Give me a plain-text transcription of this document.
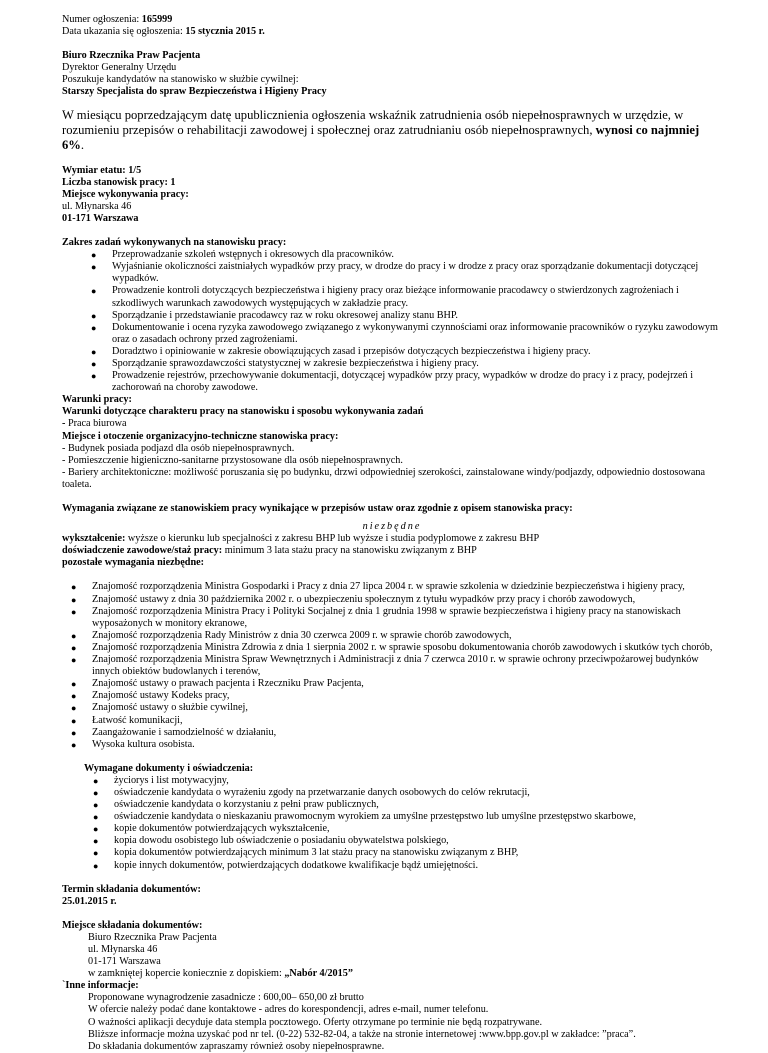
Numer ogłoszenia: 165999
Data ukazania się ogłoszenia: 15 stycznia 2015 r.
Biuro Rzecznika Praw Pacjenta
Dyrektor Generalny Urzędu
Poszukuje kandydatów na stanowisko w służbie cywilnej:
Starszy Specjalista do spraw Bezpieczeństwa i Higieny Pracy
W miesiącu poprzedzającym datę upublicznienia ogłoszenia wskaźnik zatrudnienia osób niepełnosprawnych w urzędzie, w rozumieniu przepisów o rehabilitacji zawodowej i społecznej oraz zatrudnianiu osób niepełnosprawnych, wynosi co najmniej 6%.
Wymiar etatu: 1/5
Liczba stanowisk pracy: 1
Miejsce wykonywania pracy:
ul. Młynarska 46
01-171 Warszawa
Zakres zadań wykonywanych na stanowisku pracy:
● Przeprowadzanie szkoleń wstępnych i okresowych dla pracowników.
● Wyjaśnianie okoliczności zaistniałych wypadków przy pracy, w drodze do pracy i w drodze z pracy oraz sporządzanie dokumentacji dotyczącej wypadków.
● Prowadzenie kontroli dotyczących bezpieczeństwa i higieny pracy oraz bieżące informowanie pracodawcy o stwierdzonych zagrożeniach i szkodliwych warunkach zawodowych występujących w zakładzie pracy.
● Sporządzanie i przedstawianie pracodawcy raz w roku okresowej analizy stanu BHP.
● Dokumentowanie i ocena ryzyka zawodowego związanego z wykonywanymi czynnościami oraz informowanie pracowników o ryzyku zawodowym oraz o zasadach ochrony przed zagrożeniami.
● Doradztwo i opiniowanie w zakresie obowiązujących zasad i przepisów dotyczących bezpieczeństwa i higieny pracy.
● Sporządzanie sprawozdawczości statystycznej w zakresie bezpieczeństwa i higieny pracy.
● Prowadzenie rejestrów, przechowywanie dokumentacji, dotyczącej wypadków przy pracy, wypadków w drodze do pracy i z pracy, podejrzeń i zachorowań na choroby zawodowe.
Warunki pracy:
Warunki dotyczące charakteru pracy na stanowisku i sposobu wykonywania zadań
- Praca biurowa
Miejsce i otoczenie organizacyjno-techniczne stanowiska pracy:
- Budynek posiada podjazd dla osób niepełnosprawnych.
- Pomieszczenie higieniczno-sanitarne przystosowane dla osób niepełnosprawnych.
- Bariery architektoniczne: możliwość poruszania się po budynku, drzwi odpowiedniej szerokości, zainstalowane windy/podjazdy, odpowiednio dostosowana toaleta.
Wymagania związane ze stanowiskiem pracy wynikające w przepisów ustaw oraz zgodnie z opisem stanowiska pracy:
niezbędne
wykształcenie: wyższe o kierunku lub specjalności z zakresu BHP lub wyższe i studia podyplomowe z zakresu BHP
doświadczenie zawodowe/staż pracy: minimum 3 lata stażu pracy na stanowisku związanym z BHP
pozostałe wymagania niezbędne:
● Znajomość rozporządzenia Ministra Gospodarki i Pracy z dnia 27 lipca 2004 r. w sprawie szkolenia w dziedzinie bezpieczeństwa i higieny pracy,
● Znajomość ustawy z dnia 30 października 2002 r. o ubezpieczeniu społecznym z tytułu wypadków przy pracy i chorób zawodowych,
● Znajomość rozporządzenia Ministra Pracy i Polityki Socjalnej z dnia 1 grudnia 1998 w sprawie bezpieczeństwa i higieny pracy na stanowiskach wyposażonych w monitory ekranowe,
● Znajomość rozporządzenia Rady Ministrów z dnia 30 czerwca 2009 r. w sprawie chorób zawodowych,
● Znajomość rozporządzenia Ministra Zdrowia z dnia 1 sierpnia 2002 r. w sprawie sposobu dokumentowania chorób zawodowych i skutków tych chorób,
● Znajomość rozporządzenia Ministra Spraw Wewnętrznych i Administracji z dnia 7 czerwca 2010 r. w sprawie ochrony przeciwpożarowej budynków innych obiektów budowlanych i terenów,
● Znajomość ustawy o prawach pacjenta i Rzeczniku Praw Pacjenta,
● Znajomość ustawy Kodeks pracy,
● Znajomość ustawy o służbie cywilnej,
● Łatwość komunikacji,
● Zaangażowanie i samodzielność w działaniu,
● Wysoka kultura osobista.
Wymagane dokumenty i oświadczenia:
● życiorys i list motywacyjny,
● oświadczenie kandydata o wyrażeniu zgody na przetwarzanie danych osobowych do celów rekrutacji,
● oświadczenie kandydata o korzystaniu z pełni praw publicznych,
● oświadczenie kandydata o nieskazaniu prawomocnym wyrokiem za umyślne przestępstwo lub umyślne przestępstwo skarbowe,
● kopie dokumentów potwierdzających wykształcenie,
● kopia dowodu osobistego lub oświadczenie o posiadaniu obywatelstwa polskiego,
● kopia dokumentów potwierdzających minimum 3 lat stażu pracy na stanowisku związanym z BHP,
● kopie innych dokumentów, potwierdzających dodatkowe kwalifikacje bądź umiejętności.
Termin składania dokumentów:
25.01.2015 r.
Miejsce składania dokumentów:
Biuro Rzecznika Praw Pacjenta
ul. Młynarska 46
01-171 Warszawa
w zamkniętej kopercie koniecznie z dopiskiem: „Nabór 4/2015”
`Inne informacje:
Proponowane wynagrodzenie zasadnicze : 600,00– 650,00 zł brutto
W ofercie należy podać dane kontaktowe - adres do korespondencji, adres e-mail, numer telefonu.
O ważności aplikacji decyduje data stempla pocztowego. Oferty otrzymane po terminie nie będą rozpatrywane.
Bliższe informacje można uzyskać pod nr tel. (0-22) 532-82-04, a także na stronie internetowej :www.bpp.gov.pl w zakładce: ”praca”.
Do składania dokumentów zapraszamy również osoby niepełnosprawne.
